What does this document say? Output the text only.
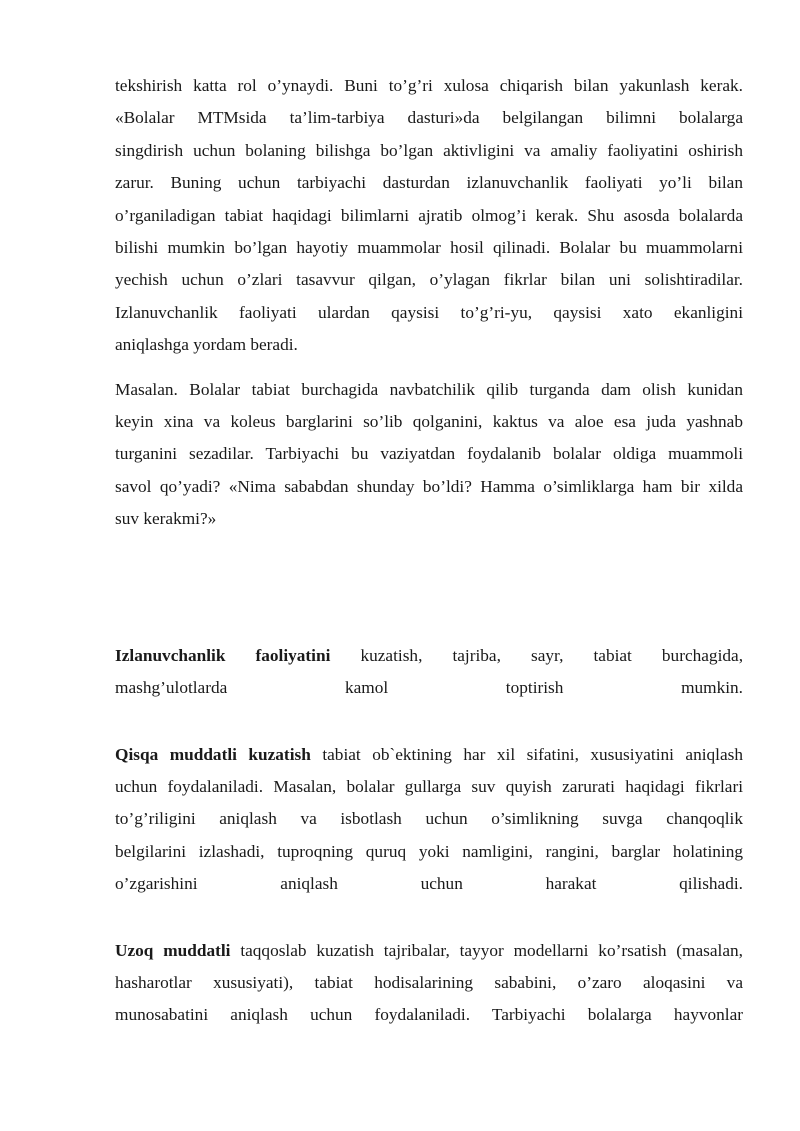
tekshirish katta rol o’ynaydi. Buni to’g’ri xulosa chiqarish bilan yakunlash kerak.
«Bolalar MTMsida ta’lim-tarbiya dasturi»da belgilangan bilimni bolalarga
singdirish uchun bolaning bilishga bo’lgan aktivligini va amaliy faoliyatini oshirish
zarur. Buning uchun tarbiyachi dasturdan izlanuvchanlik faoliyati yo’li bilan
o’rganiladigan tabiat haqidagi bilimlarni ajratib olmog’i kerak. Shu asosda bolalarda
bilishi mumkin bo’lgan hayotiy muammolar hosil qilinadi. Bolalar bu muammolarni
yechish uchun o’zlari tasavvur qilgan, o’ylagan fikrlar bilan uni solishtiradilar.
Izlanuvchanlik faoliyati ulardan qaysisi to’g’ri-yu, qaysisi xato ekanligini
aniqlashga yordam beradi.

Masalan. Bolalar tabiat burchagida navbatchilik qilib turganda dam olish kunidan
keyin xina va koleus barglarini so’lib qolganini, kaktus va aloe esa juda yashnab
turganini sezadilar. Tarbiyachi bu vaziyatdan foydalanib bolalar oldiga muammoli
savol qo’yadi? «Nima sababdan shunday bo’ldi? Hamma o’simliklarga ham bir xilda
suv kerakmi?»

Izlanuvchanlik faoliyatini kuzatish, tajriba, sayr, tabiat burchagida,
mashg’ulotlarda kamol toptirish mumkin.

Qisqa muddatli kuzatish tabiat ob`ektining har xil sifatini, xususiyatini aniqlash
uchun foydalaniladi. Masalan, bolalar gullarga suv quyish zarurati haqidagi fikrlari
to’g’riligini aniqlash va isbotlash uchun o’simlikning suvga chanqoqlik
belgilarini izlashadi, tuproqning quruq yoki namligini, rangini, barglar holatining
o’zgarishini aniqlash uchun harakat qilishadi.

Uzoq muddatli taqqoslab kuzatish tajribalar, tayyor modellarni ko’rsatish (masalan,
hasharotlar xususiyati), tabiat hodisalarining sababini, o’zaro aloqasini va
munosabatini aniqlash uchun foydalaniladi. Tarbiyachi bolalarga hayvonlar
